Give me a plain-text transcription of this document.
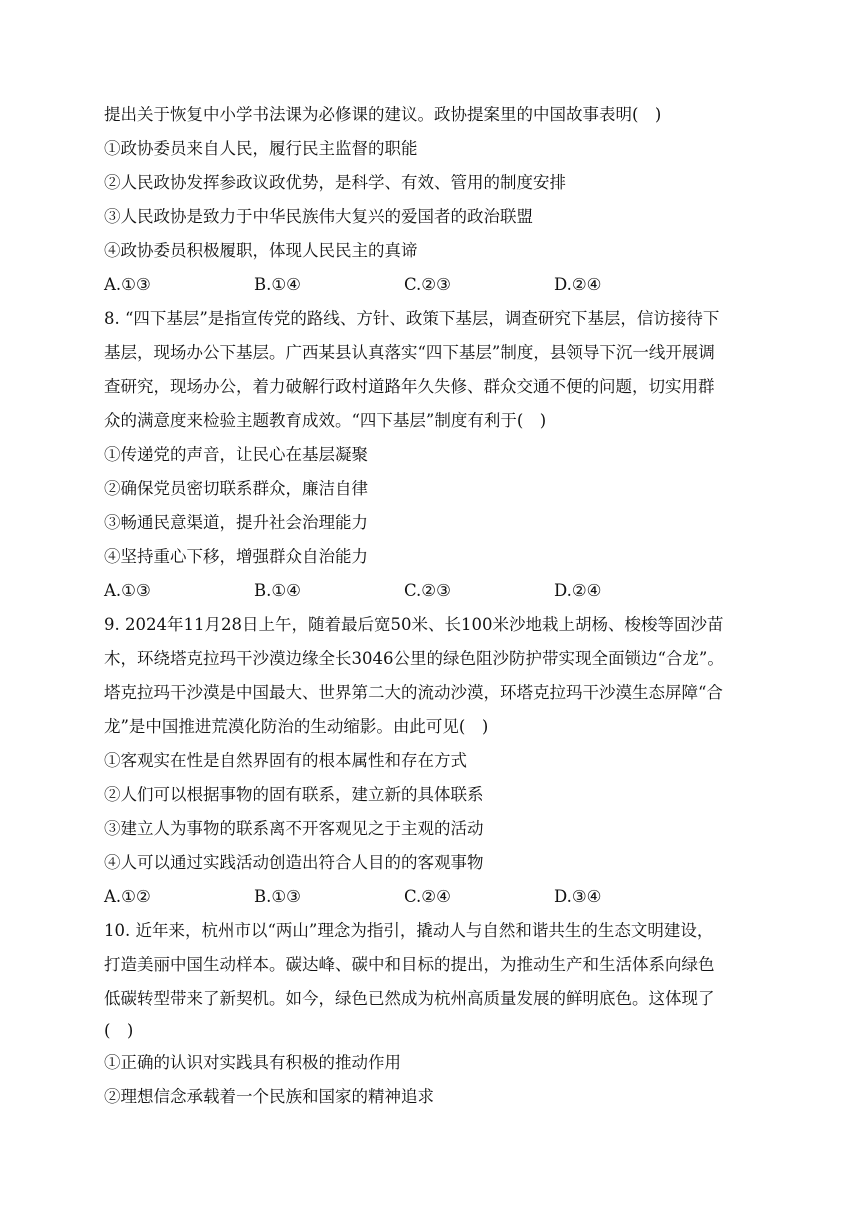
提出关于恢复中小学书法课为必修课的建议。政协提案里的中国故事表明(　)
①政协委员来自人民，履行民主监督的职能
②人民政协发挥参政议政优势，是科学、有效、管用的制度安排
③人民政协是致力于中华民族伟大复兴的爱国者的政治联盟
④政协委员积极履职，体现人民民主的真谛
A.①③	B.①④	C.②③	D.②④
8. “四下基层”是指宣传党的路线、方针、政策下基层，调查研究下基层，信访接待下
基层，现场办公下基层。广西某县认真落实“四下基层”制度，县领导下沉一线开展调
查研究，现场办公，着力破解行政村道路年久失修、群众交通不便的问题，切实用群
众的满意度来检验主题教育成效。“四下基层”制度有利于(　)
①传递党的声音，让民心在基层凝聚
②确保党员密切联系群众，廉洁自律
③畅通民意渠道，提升社会治理能力
④坚持重心下移，增强群众自治能力
A.①③	B.①④	C.②③	D.②④
9. 2024年11月28日上午，随着最后宽50米、长100米沙地栽上胡杨、梭梭等固沙苗
木，环绕塔克拉玛干沙漠边缘全长3046公里的绿色阻沙防护带实现全面锁边“合龙”。
塔克拉玛干沙漠是中国最大、世界第二大的流动沙漠，环塔克拉玛干沙漠生态屏障“合
龙”是中国推进荒漠化防治的生动缩影。由此可见(　)
①客观实在性是自然界固有的根本属性和存在方式
②人们可以根据事物的固有联系，建立新的具体联系
③建立人为事物的联系离不开客观见之于主观的活动
④人可以通过实践活动创造出符合人目的的客观事物
A.①②	B.①③	C.②④	D.③④
10. 近年来，杭州市以“两山”理念为指引，撬动人与自然和谐共生的生态文明建设，
打造美丽中国生动样本。碳达峰、碳中和目标的提出，为推动生产和生活体系向绿色
低碳转型带来了新契机。如今，绿色已然成为杭州高质量发展的鲜明底色。这体现了
(　)
①正确的认识对实践具有积极的推动作用
②理想信念承载着一个民族和国家的精神追求
